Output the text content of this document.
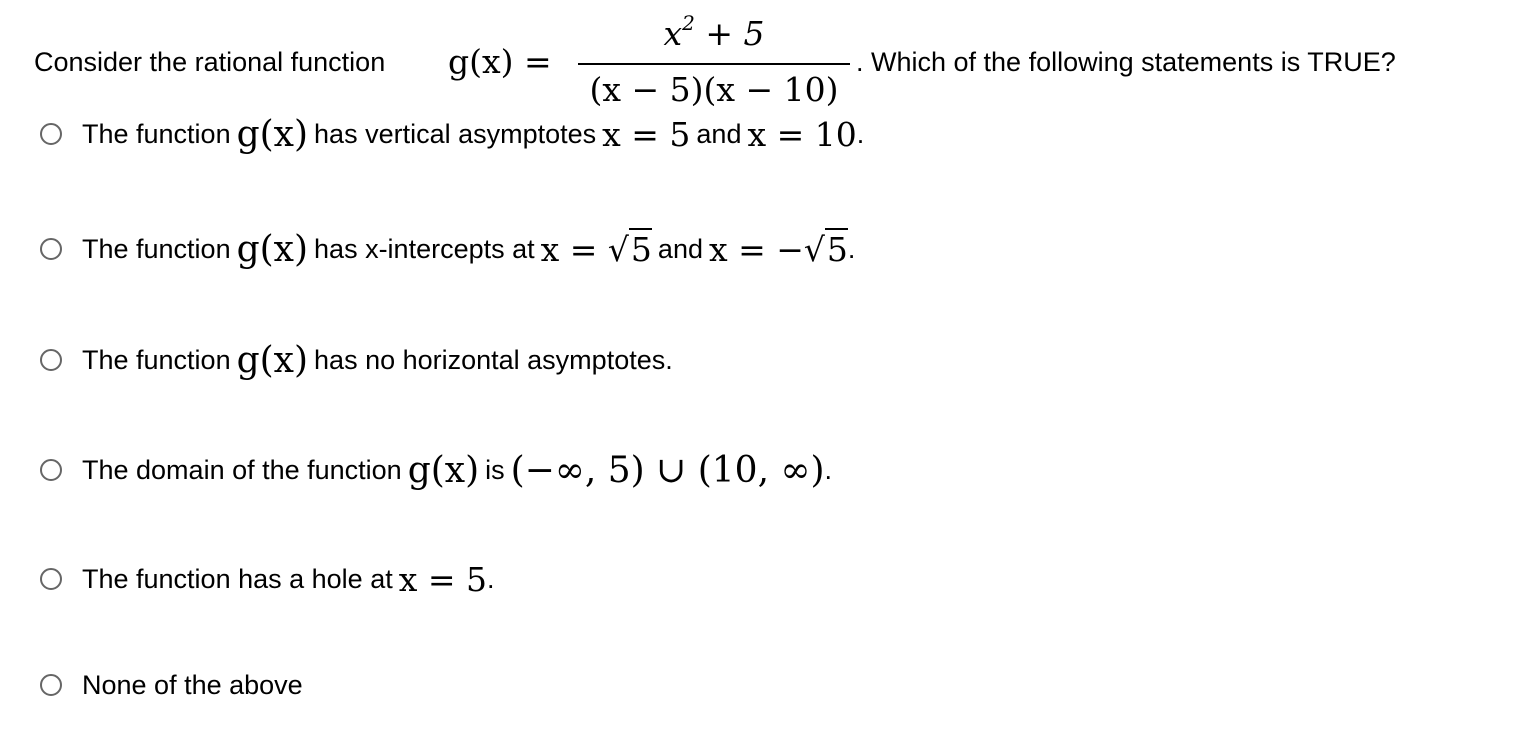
Consider the rational function g(x) =
$x^2 + 5$
(x − 5)(x − 10)
. Which of the following statements is TRUE?
The function g(x) has vertical asymptotes x = 5 and x = 10 .
The function g(x) has x-intercepts at x = √5 and x = −√5 .
The function g(x) has no horizontal asymptotes.
The domain of the function g(x) is (−∞, 5) ∪ (10, ∞) .
The function has a hole at x = 5 .
None of the above
